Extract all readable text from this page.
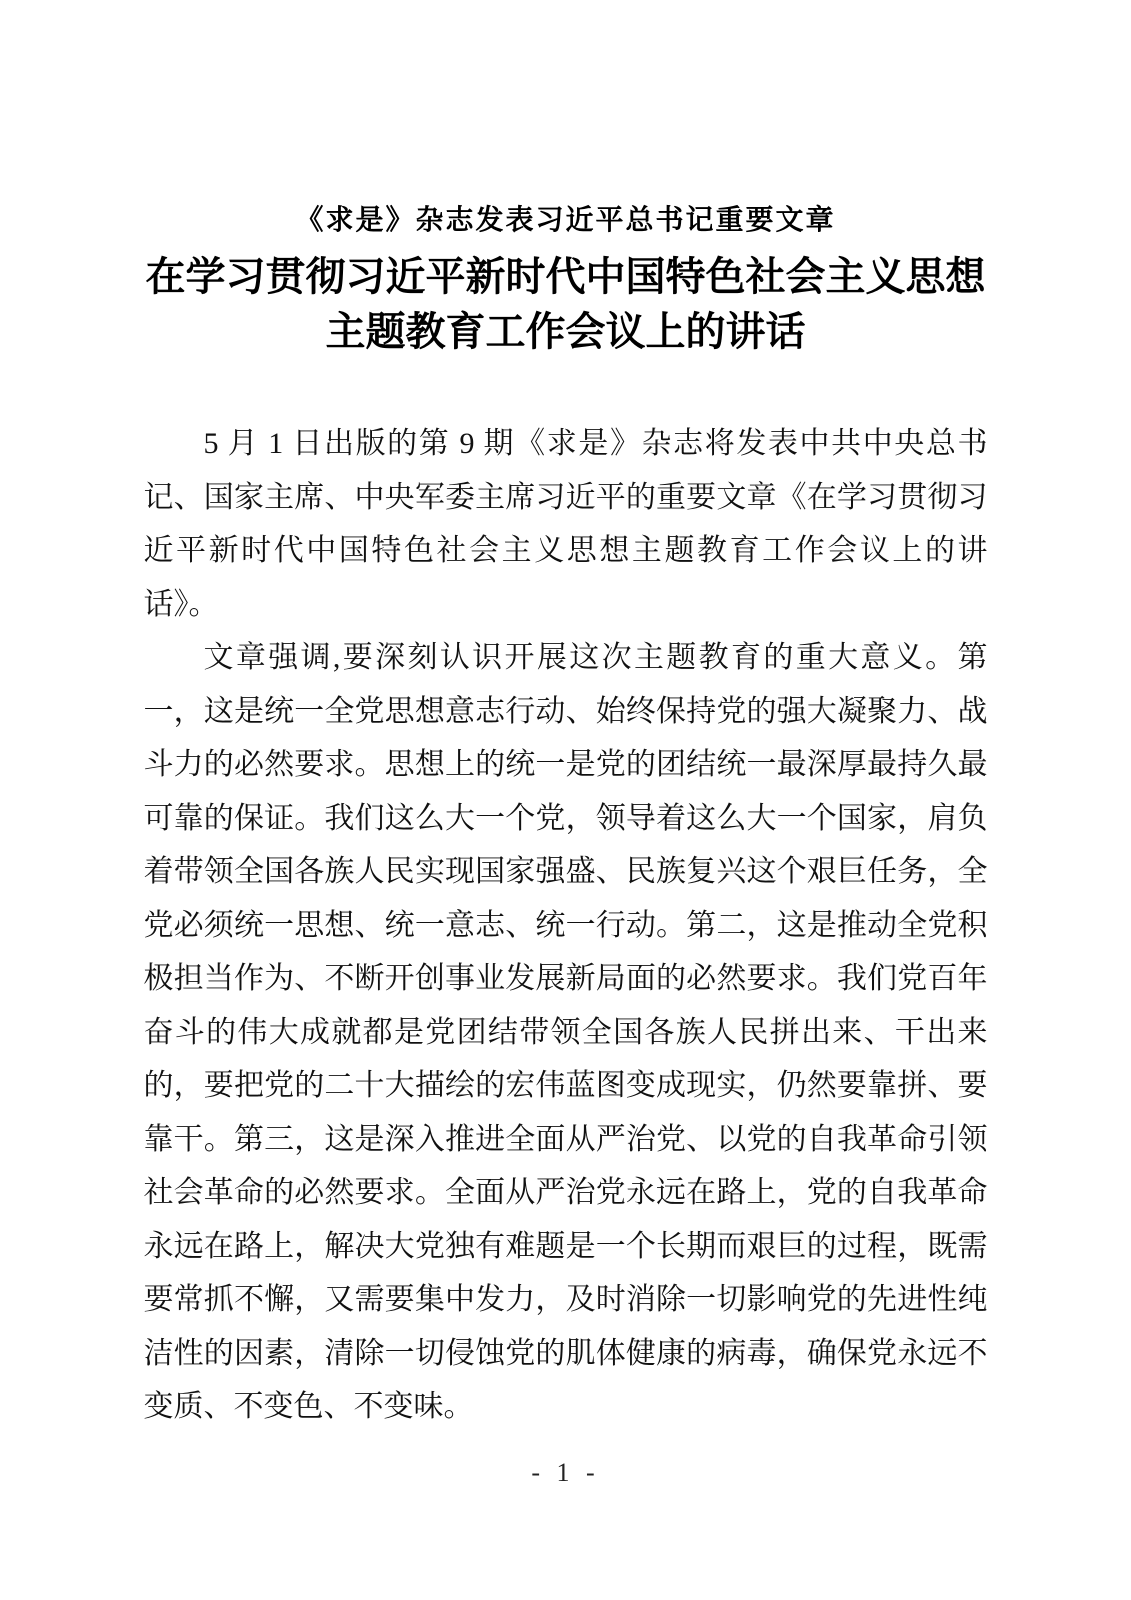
《求是》杂志发表习近平总书记重要文章
在学习贯彻习近平新时代中国特色社会主义思想
主题教育工作会议上的讲话

5 月 1 日出版的第 9 期《求是》杂志将发表中共中央总书记、国家主席、中央军委主席习近平的重要文章《在学习贯彻习近平新时代中国特色社会主义思想主题教育工作会议上的讲话》。

文章强调,要深刻认识开展这次主题教育的重大意义。第一，这是统一全党思想意志行动、始终保持党的强大凝聚力、战斗力的必然要求。思想上的统一是党的团结统一最深厚最持久最可靠的保证。我们这么大一个党，领导着这么大一个国家，肩负着带领全国各族人民实现国家强盛、民族复兴这个艰巨任务，全党必须统一思想、统一意志、统一行动。第二，这是推动全党积极担当作为、不断开创事业发展新局面的必然要求。我们党百年奋斗的伟大成就都是党团结带领全国各族人民拼出来、干出来的，要把党的二十大描绘的宏伟蓝图变成现实，仍然要靠拼、要靠干。第三，这是深入推进全面从严治党、以党的自我革命引领社会革命的必然要求。全面从严治党永远在路上，党的自我革命永远在路上，解决大党独有难题是一个长期而艰巨的过程，既需要常抓不懈，又需要集中发力，及时消除一切影响党的先进性纯洁性的因素，清除一切侵蚀党的肌体健康的病毒，确保党永远不变质、不变色、不变味。

- 1 -
